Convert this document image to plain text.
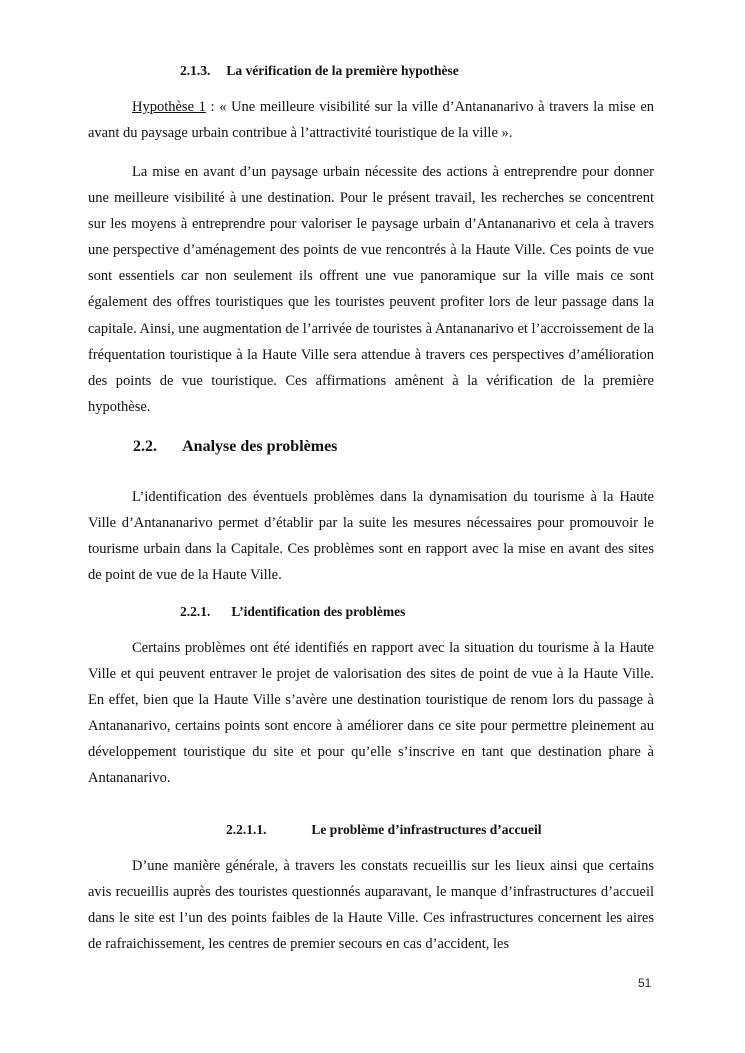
2.1.3. La vérification de la première hypothèse

Hypothèse 1 : « Une meilleure visibilité sur la ville d’Antananarivo à travers la mise en avant du paysage urbain contribue à l’attractivité touristique de la ville ».

La mise en avant d’un paysage urbain nécessite des actions à entreprendre pour donner une meilleure visibilité à une destination. Pour le présent travail, les recherches se concentrent sur les moyens à entreprendre pour valoriser le paysage urbain d’Antananarivo et cela à travers une perspective d’aménagement des points de vue rencontrés à la Haute Ville. Ces points de vue sont essentiels car non seulement ils offrent une vue panoramique sur la ville mais ce sont également des offres touristiques que les touristes peuvent profiter lors de leur passage dans la capitale. Ainsi, une augmentation de l’arrivée de touristes à Antananarivo et l’accroissement de la fréquentation touristique à la Haute Ville sera attendue à travers ces perspectives d’amélioration des points de vue touristique. Ces affirmations amènent à la vérification de la première hypothèse.

2.2. Analyse des problèmes

L’identification des éventuels problèmes dans la dynamisation du tourisme à la Haute Ville d’Antananarivo permet d’établir par la suite les mesures nécessaires pour promouvoir le tourisme urbain dans la Capitale. Ces problèmes sont en rapport avec la mise en avant des sites de point de vue de la Haute Ville.

2.2.1. L’identification des problèmes

Certains problèmes ont été identifiés en rapport avec la situation du tourisme à la Haute Ville et qui peuvent entraver le projet de valorisation des sites de point de vue à la Haute Ville. En effet, bien que la Haute Ville s’avère une destination touristique de renom lors du passage à Antananarivo, certains points sont encore à améliorer dans ce site pour permettre pleinement au développement touristique du site et pour qu’elle s’inscrive en tant que destination phare à Antananarivo.

2.2.1.1.	Le problème d’infrastructures d’accueil

D’une manière générale, à travers les constats recueillis sur les lieux ainsi que certains avis recueillis auprès des touristes questionnés auparavant, le manque d’infrastructures d’accueil dans le site est l’un des points faibles de la Haute Ville. Ces infrastructures concernent les aires de rafraichissement, les centres de premier secours en cas d’accident, les

51
